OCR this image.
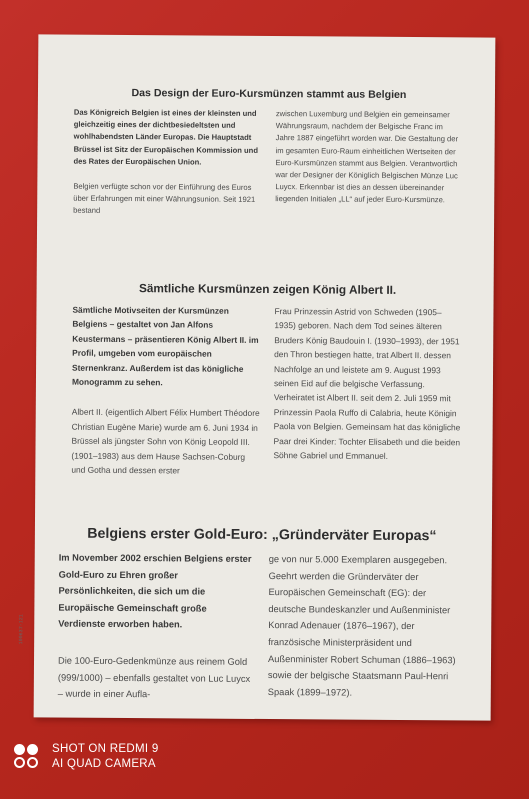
Das Design der Euro-Kursmünzen stammt aus Belgien

Das Königreich Belgien ist eines der kleinsten und gleichzeitig eines der dichtbesiedeltsten und wohlhabendsten Länder Europas. Die Hauptstadt Brüssel ist Sitz der Europäischen Kommission und des Rates der Europäischen Union.

Belgien verfügte schon vor der Einführung des Euros über Erfahrungen mit einer Währungsunion. Seit 1921 bestand

zwischen Luxemburg und Belgien ein gemeinsamer Währungsraum, nachdem der Belgische Franc im Jahre 1887 eingeführt worden war. Die Gestaltung der im gesamten Euro-Raum einheitlichen Wertseiten der Euro-Kursmünzen stammt aus Belgien. Verantwortlich war der Designer der Königlich Belgischen Münze Luc Luycx. Erkennbar ist dies an dessen übereinander liegenden Initialen „LL“ auf jeder Euro-Kursmünze.

Sämtliche Kursmünzen zeigen König Albert II.

Sämtliche Motivseiten der Kursmünzen Belgiens – gestaltet von Jan Alfons Keustermans – präsentieren König Albert II. im Profil, umgeben vom europäischen Sternenkranz. Außerdem ist das königliche Monogramm zu sehen.

Albert II. (eigentlich Albert Félix Humbert Théodore Christian Eugène Marie) wurde am 6. Juni 1934 in Brüssel als jüngster Sohn von König Leopold III. (1901–1983) aus dem Hause Sachsen-Coburg und Gotha und dessen erster

Frau Prinzessin Astrid von Schweden (1905–1935) geboren. Nach dem Tod seines älteren Bruders König Baudouin I. (1930–1993), der 1951 den Thron bestiegen hatte, trat Albert II. dessen Nachfolge an und leistete am 9. August 1993 seinen Eid auf die belgische Verfassung. Verheiratet ist Albert II. seit dem 2. Juli 1959 mit Prinzessin Paola Ruffo di Calabria, heute Königin Paola von Belgien. Gemeinsam hat das königliche Paar drei Kinder: Tochter Elisabeth und die beiden Söhne Gabriel und Emmanuel.

Belgiens erster Gold-Euro: „Gründerväter Europas“

Im November 2002 erschien Belgiens erster Gold-Euro zu Ehren großer Persönlichkeiten, die sich um die Europäische Gemeinschaft große Verdienste erworben haben.

Die 100-Euro-Gedenkmünze aus reinem Gold (999/1000) – ebenfalls gestaltet von Luc Luycx – wurde in einer Aufla-

ge von nur 5.000 Exemplaren ausgegeben. Geehrt werden die Gründerväter der Europäischen Gemeinschaft (EG): der deutsche Bundeskanzler und Außenminister Konrad Adenauer (1876–1967), der französische Ministerpräsident und Außenminister Robert Schuman (1886–1963) sowie der belgische Staatsmann Paul-Henri Spaak (1899–1972).

100637-121
SHOT ON REDMI 9
AI QUAD CAMERA
